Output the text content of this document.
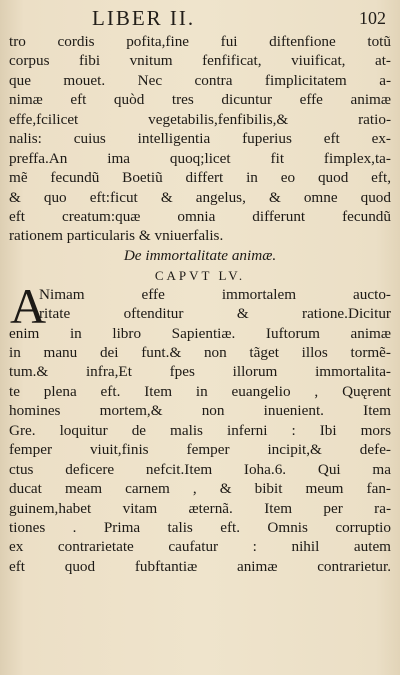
LIBER II.	102
tro cordis pofita,fine fui diftenfione totũ
corpus fibi vnitum fenfificat, viuificat, at-
que mouet. Nec contra fimplicitatem a-
nimæ eft quòd tres dicuntur effe animæ
effe,fcilicet vegetabilis,fenfibilis,& ratio-
nalis: cuius intelligentia fuperius eft ex-
preffa.An ima quoq;licet fit fimplex,ta-
mẽ fecundũ Boetiũ differt in eo quod eft,
& quo eft:ficut & angelus, & omne quod
eft creatum:quæ omnia differunt fecundũ
rationem particularis & vniuerfalis.
De immortalitate animæ.
CAPVT LV.
A
Nimam effe immortalem aucto-
ritate oftenditur & ratione.Dicitur
enim in libro Sapientiæ. Iuftorum animæ
in manu dei funt.& non tãget illos tormẽ-
tum.& infra,Et fpes illorum immortalita-
te plena eft. Item in euangelio , Quęrent
homines mortem,& non inuenient. Item
Gre. loquitur de malis inferni : Ibi mors
femper viuit,finis femper incipit,& defe-
ctus deficere nefcit.Item Ioha.6. Qui ma
ducat meam carnem , & bibit meum fan-
guinem,habet vitam æternã. Item per ra-
tiones . Prima talis eft. Omnis corruptio
ex contrarietate caufatur : nihil autem
eft quod fubftantiæ animæ contrarietur.
